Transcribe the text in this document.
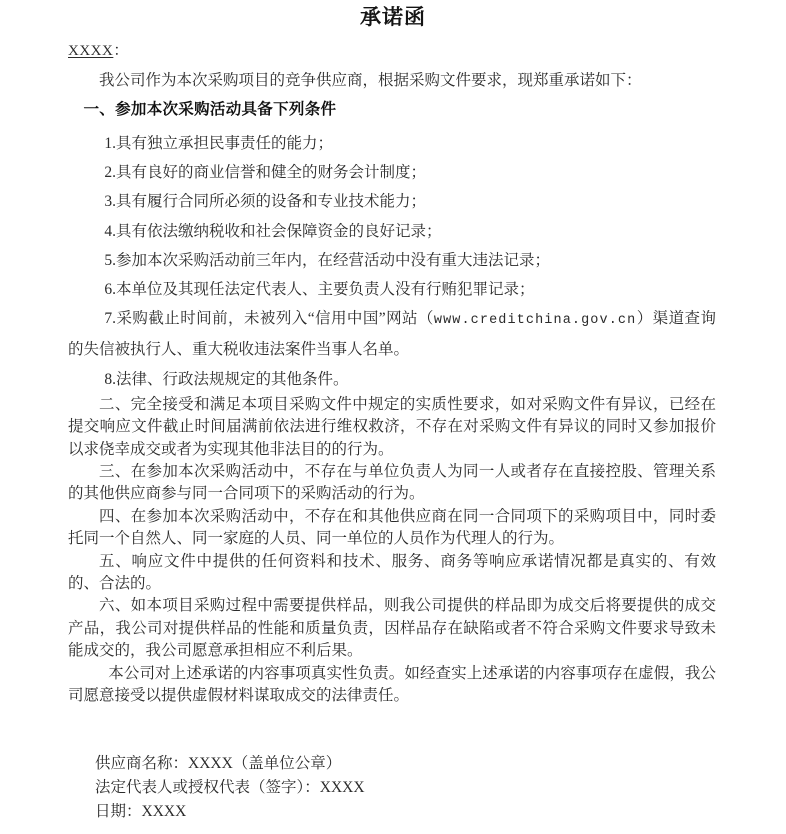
承诺函

XXXX：

我公司作为本次采购项目的竞争供应商，根据采购文件要求，现郑重承诺如下：

一、参加本次采购活动具备下列条件

1.具有独立承担民事责任的能力；
2.具有良好的商业信誉和健全的财务会计制度；
3.具有履行合同所必须的设备和专业技术能力；
4.具有依法缴纳税收和社会保障资金的良好记录；
5.参加本次采购活动前三年内，在经营活动中没有重大违法记录；
6.本单位及其现任法定代表人、主要负责人没有行贿犯罪记录；

7.采购截止时间前，未被列入“信用中国”网站（www.creditchina.gov.cn）渠道查询的失信被执行人、重大税收违法案件当事人名单。

8.法律、行政法规规定的其他条件。

二、完全接受和满足本项目采购文件中规定的实质性要求，如对采购文件有异议，已经在提交响应文件截止时间届满前依法进行维权救济，不存在对采购文件有异议的同时又参加报价以求侥幸成交或者为实现其他非法目的的行为。

三、在参加本次采购活动中，不存在与单位负责人为同一人或者存在直接控股、管理关系的其他供应商参与同一合同项下的采购活动的行为。

四、在参加本次采购活动中，不存在和其他供应商在同一合同项下的采购项目中，同时委托同一个自然人、同一家庭的人员、同一单位的人员作为代理人的行为。

五、响应文件中提供的任何资料和技术、服务、商务等响应承诺情况都是真实的、有效的、合法的。

六、如本项目采购过程中需要提供样品，则我公司提供的样品即为成交后将要提供的成交产品，我公司对提供样品的性能和质量负责，因样品存在缺陷或者不符合采购文件要求导致未能成交的，我公司愿意承担相应不利后果。

本公司对上述承诺的内容事项真实性负责。如经查实上述承诺的内容事项存在虚假，我公司愿意接受以提供虚假材料谋取成交的法律责任。

供应商名称：XXXX（盖单位公章）

法定代表人或授权代表（签字）：XXXX

日期：XXXX
